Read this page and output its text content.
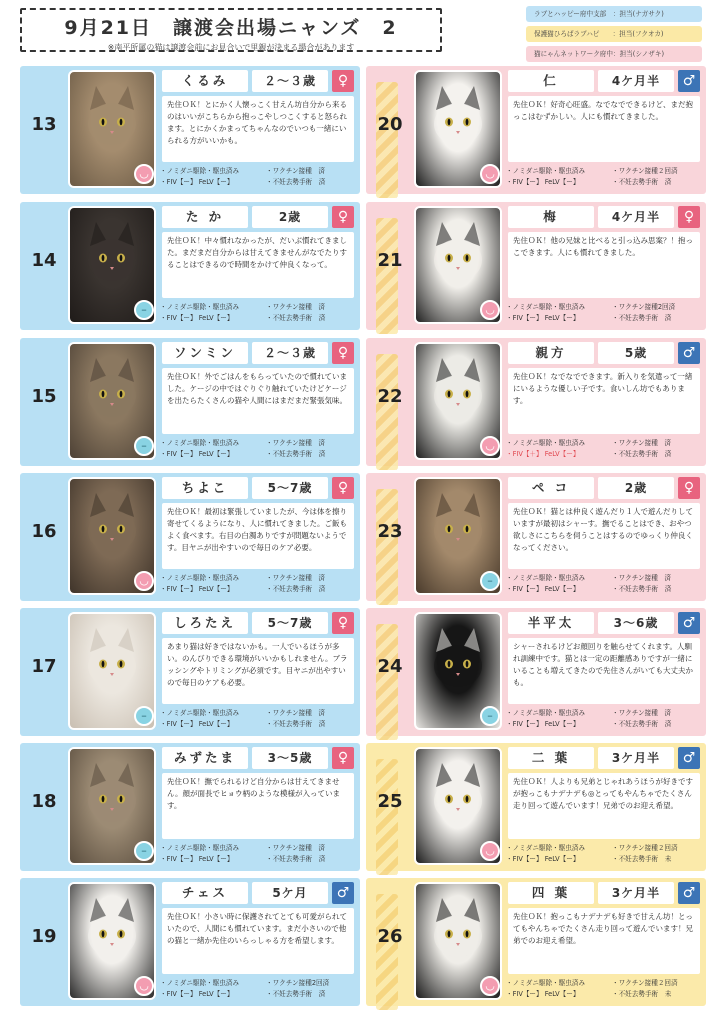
9月21日　譲渡会出場ニャンズ　2
※南平所属の猫は譲渡会前にお見合いで里親が決まる場合があります
ラブとハッピー府中支部　：担当(ナガサク)
保護猫ひろばラブハピ　　：担当(フクオカ)
猫にゃんネットワーク府中：担当(シノザキ)
13
◡
くるみ	２～３歳	♀
先住ＯＫ！とにかく人懐っこく甘えん坊自分から来るのはいいがこちらから抱っこやしつこくすると怒られます。とにかくかまってちゃんなのでいつも一緒にいられる方がいいかも。
・ノミダニ駆除・駆虫済み	・ワクチン接種　済
・FIV【ー】 FeLV【ー】	・不妊去勢手術　済
14
–
た か	2歳	♀
先住ＯＫ！中々慣れなかったが、だいぶ慣れてきました。まだまだ自分からは甘えてきませんがなでたりすることはできるので時間をかけて仲良くなって。
・ノミダニ駆除・駆虫済み	・ワクチン接種　済
・FIV【ー】 FeLV【ー】	・不妊去勢手術　済
15
–
ソンミン	２～３歳	♀
先住ＯＫ！外でごはんをもらっていたので慣れていました。ケージの中ではぐりぐり触れていたけどケージを出たらたくさんの猫や人間にはまだまだ緊張気味。
・ノミダニ駆除・駆虫済み	・ワクチン接種　済
・FIV【ー】 FeLV【ー】	・不妊去勢手術　済
16
◡
ちよこ	5～7歳	♀
先住ＯＫ！最初は緊張していましたが、今は体を擦り寄せてくるようになり、人に慣れてきました。ご飯もよく食べます。右目の白濁ありですが問題ないようです。目ヤニが出やすいので毎日のケア必要。
・ノミダニ駆除・駆虫済み	・ワクチン接種　済
・FIV【ー】 FeLV【ー】	・不妊去勢手術　済
17
–
しろたえ	5～7歳	♀
あまり猫は好きではないかも。一人でいるほうが多い。のんびりできる環境がいいかもしれません。ブラッシングやトリミングが必須です。目ヤニが出やすいので毎日のケアも必要。
・ノミダニ駆除・駆虫済み	・ワクチン接種　済
・FIV【ー】 FeLV【ー】	・不妊去勢手術　済
18
–
みずたま	3～5歳	♀
先住ＯＫ！撫でられるけど自分からは甘えてきません。顔が面長でヒョウ柄のような模様が入っています。
・ノミダニ駆除・駆虫済み	・ワクチン接種　済
・FIV【ー】 FeLV【ー】	・不妊去勢手術　済
19
◡
チェス	5ケ月	♂
先住ＯＫ！小さい時に保護されてとても可愛がられていたので、人間にも慣れています。まだ小さいので他の猫と一緒か先住のいらっしゃる方を希望します。
・ノミダニ駆除・駆虫済み	・ワクチン接種2回済
・FIV【ー】 FeLV【ー】	・不妊去勢手術　済
20
◡
仁	4ケ月半	♂
先住ＯＫ！好奇心旺盛。なでなでできるけど、まだ抱っこはむずかしい。人にも慣れてきました。
・ノミダニ駆除・駆虫済み	・ワクチン接種２回済
・FIV【ー】 FeLV【ー】	・不妊去勢手術　済
21
◡
梅	4ケ月半	♀
先住ＯＫ！他の兄妹と比べると引っ込み思案？！抱っこできます。人にも慣れてきました。
・ノミダニ駆除・駆虫済み	・ワクチン接種2回済
・FIV【ー】 FeLV【ー】	・不妊去勢手術　済
22
◡
親方	5歳	♂
先住ＯＫ！なでなでできます。新入りを気遣って一緒にいるような優しい子です。食いしん坊でもあります。
・ノミダニ駆除・駆虫済み	・ワクチン接種　済
・FIV【＋】 FeLV【ー】	・不妊去勢手術　済
23
–
ペ コ	2歳	♀
先住ＯＫ！猫とは仲良く遊んだり１人で遊んだりしていますが最初はシャーす。撫でることはでき、おやつ欲しさにこちらを伺うことはするのでゆっくり仲良くなってください。
・ノミダニ駆除・駆虫済み	・ワクチン接種　済
・FIV【ー】 FeLV【ー】	・不妊去勢手術　済
24
–
半平太	3～6歳	♂
シャーされるけどお顔回りを触らせてくれます。人馴れ訓練中です。猫とは一定の距離感ありですが一緒にいることも増えてきたので先住さんがいても大丈夫かも。
・ノミダニ駆除・駆虫済み	・ワクチン接種　済
・FIV【ー】 FeLV【ー】	・不妊去勢手術　済
25
◡
二 葉	3ケ月半	♂
先住ＯＫ！人よりも兄弟とじゃれあうほうが好きですが抱っこもナデナデも◎とってもやんちゃでたくさん走り回って遊んでいます！兄弟でのお迎え希望。
・ノミダニ駆除・駆虫済み	・ワクチン接種２回済
・FIV【ー】 FeLV【ー】	・不妊去勢手術　未
26
◡
四 葉	3ケ月半	♂
先住ＯＫ！抱っこもナデナデも好きで甘えん坊！とってもやんちゃでたくさん走り回って遊んでいます！兄弟でのお迎え希望。
・ノミダニ駆除・駆虫済み	・ワクチン接種２回済
・FIV【ー】 FeLV【ー】	・不妊去勢手術　未
